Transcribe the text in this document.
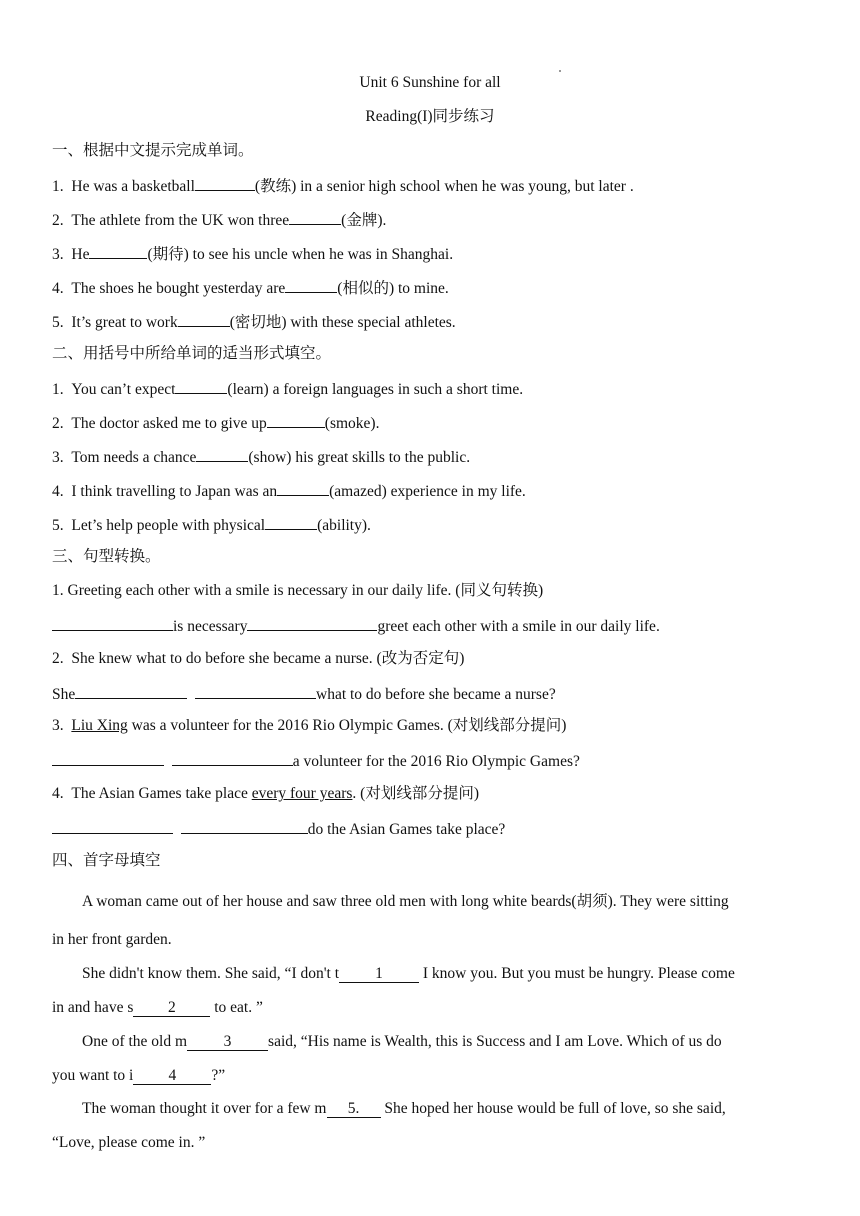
Unit 6 Sunshine for all
Reading(I)同步练习
一、根据中文提示完成单词。
1. He was a basketball	(教练) in a senior high school when he was young, but later .
2. The athlete from the UK won three	(金牌).
3. He	(期待) to see his uncle when he was in Shanghai.
4. The shoes he bought yesterday are	(相似的) to mine.
5. It’s great to work	(密切地) with these special athletes.
二、用括号中所给单词的适当形式填空。
1. You can’t expect	(learn) a foreign languages in such a short time.
2. The doctor asked me to give up	(smoke).
3. Tom needs a chance	(show) his great skills to the public.
4. I think travelling to Japan was an	(amazed) experience in my life.
5. Let’s help people with physical	(ability).
三、句型转换。
1. Greeting each other with a smile is necessary in our daily life. (同义句转换)
is necessary	greet each other with a smile in our daily life.
2. She knew what to do before she became a nurse. (改为否定句)
She	what to do before she became a nurse?
3. Liu Xing was a volunteer for the 2016 Rio Olympic Games. (对划线部分提问)
a volunteer for the 2016 Rio Olympic Games?
4. The Asian Games take place every four years. (对划线部分提问)
do the Asian Games take place?
四、首字母填空
A woman came out of her house and saw three old men with long white beards(胡须). They were sitting
in her front garden.
She didn't know them. She said, “I don't t 1 I know you. But you must be hungry. Please come
in and have s 2 to eat. ”
One of the old m 3 said, “His name is Wealth, this is Success and I am Love. Which of us do
you want to i 4 ?”
The woman thought it over for a few m 5. She hoped her house would be full of love, so she said,
“Love, please come in. ”
